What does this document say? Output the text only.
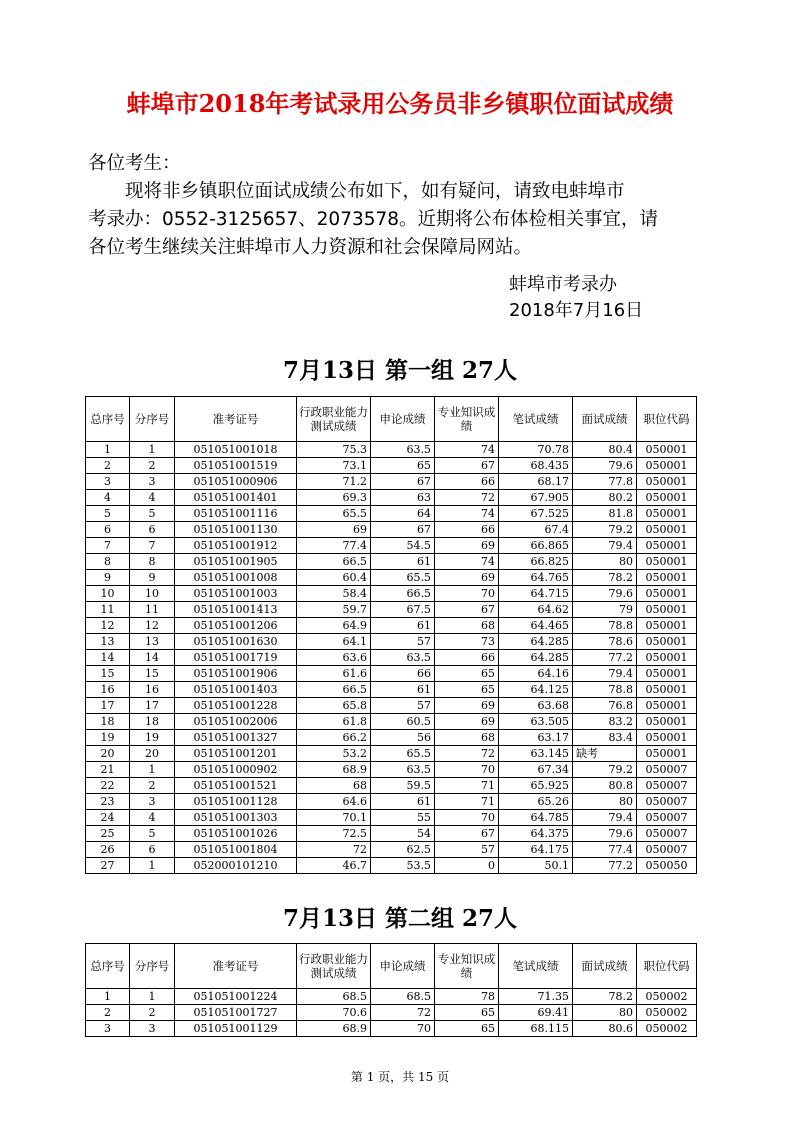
蚌埠市2018年考试录用公务员非乡镇职位面试成绩

各位考生：

现将非乡镇职位面试成绩公布如下，如有疑问，请致电蚌埠市

考录办：0552-3125657、2073578。近期将公布体检相关事宜，请

各位考生继续关注蚌埠市人力资源和社会保障局网站。

蚌埠市考录办
2018年7月16日
7月13日 第一组 27人
总序号	分序号	准考证号	行政职业能力测试成绩	申论成绩	专业知识成绩	笔试成绩	面试成绩	职位代码
1	1	051051001018	75.3	63.5	74	70.78	80.4	050001
2	2	051051001519	73.1	65	67	68.435	79.6	050001
3	3	051051000906	71.2	67	66	68.17	77.8	050001
4	4	051051001401	69.3	63	72	67.905	80.2	050001
5	5	051051001116	65.5	64	74	67.525	81.8	050001
6	6	051051001130	69	67	66	67.4	79.2	050001
7	7	051051001912	77.4	54.5	69	66.865	79.4	050001
8	8	051051001905	66.5	61	74	66.825	80	050001
9	9	051051001008	60.4	65.5	69	64.765	78.2	050001
10	10	051051001003	58.4	66.5	70	64.715	79.6	050001
11	11	051051001413	59.7	67.5	67	64.62	79	050001
12	12	051051001206	64.9	61	68	64.465	78.8	050001
13	13	051051001630	64.1	57	73	64.285	78.6	050001
14	14	051051001719	63.6	63.5	66	64.285	77.2	050001
15	15	051051001906	61.6	66	65	64.16	79.4	050001
16	16	051051001403	66.5	61	65	64.125	78.8	050001
17	17	051051001228	65.8	57	69	63.68	76.8	050001
18	18	051051002006	61.8	60.5	69	63.505	83.2	050001
19	19	051051001327	66.2	56	68	63.17	83.4	050001
20	20	051051001201	53.2	65.5	72	63.145	缺考	050001
21	1	051051000902	68.9	63.5	70	67.34	79.2	050007
22	2	051051001521	68	59.5	71	65.925	80.8	050007
23	3	051051001128	64.6	61	71	65.26	80	050007
24	4	051051001303	70.1	55	70	64.785	79.4	050007
25	5	051051001026	72.5	54	67	64.375	79.6	050007
26	6	051051001804	72	62.5	57	64.175	77.4	050007
27	1	052000101210	46.7	53.5	0	50.1	77.2	050050
7月13日 第二组 27人
总序号	分序号	准考证号	行政职业能力测试成绩	申论成绩	专业知识成绩	笔试成绩	面试成绩	职位代码
1	1	051051001224	68.5	68.5	78	71.35	78.2	050002
2	2	051051001727	70.6	72	65	69.41	80	050002
3	3	051051001129	68.9	70	65	68.115	80.6	050002
第 1 页，共 15 页
